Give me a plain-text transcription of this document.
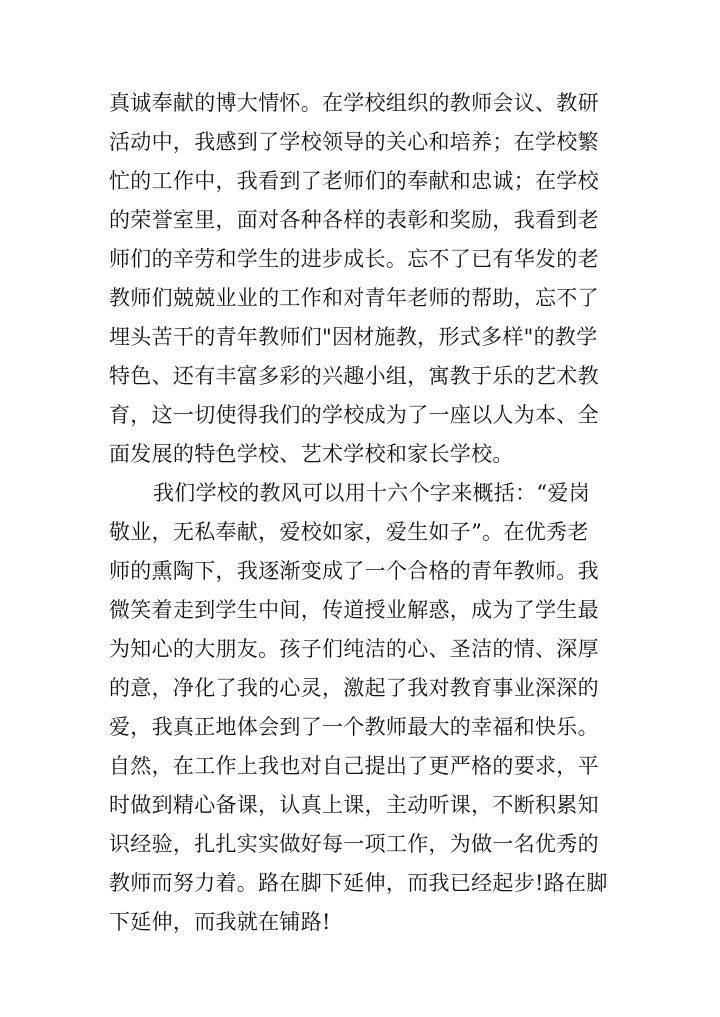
真诚奉献的博大情怀。在学校组织的教师会议、教研
活动中，我感到了学校领导的关心和培养；在学校繁
忙的工作中，我看到了老师们的奉献和忠诚；在学校
的荣誉室里，面对各种各样的表彰和奖励，我看到老
师们的辛劳和学生的进步成长。忘不了已有华发的老
教师们兢兢业业的工作和对青年老师的帮助，忘不了
埋头苦干的青年教师们"因材施教，形式多样"的教学
特色、还有丰富多彩的兴趣小组，寓教于乐的艺术教
育，这一切使得我们的学校成为了一座以人为本、全
面发展的特色学校、艺术学校和家长学校。
我们学校的教风可以用十六个字来概括：“爱岗
敬业，无私奉献，爱校如家，爱生如子”。在优秀老
师的熏陶下，我逐渐变成了一个合格的青年教师。我
微笑着走到学生中间，传道授业解惑，成为了学生最
为知心的大朋友。孩子们纯洁的心、圣洁的情、深厚
的意，净化了我的心灵，激起了我对教育事业深深的
爱，我真正地体会到了一个教师最大的幸福和快乐。
自然，在工作上我也对自己提出了更严格的要求，平
时做到精心备课，认真上课，主动听课，不断积累知
识经验，扎扎实实做好每一项工作，为做一名优秀的
教师而努力着。路在脚下延伸，而我已经起步!路在脚
下延伸，而我就在铺路!
